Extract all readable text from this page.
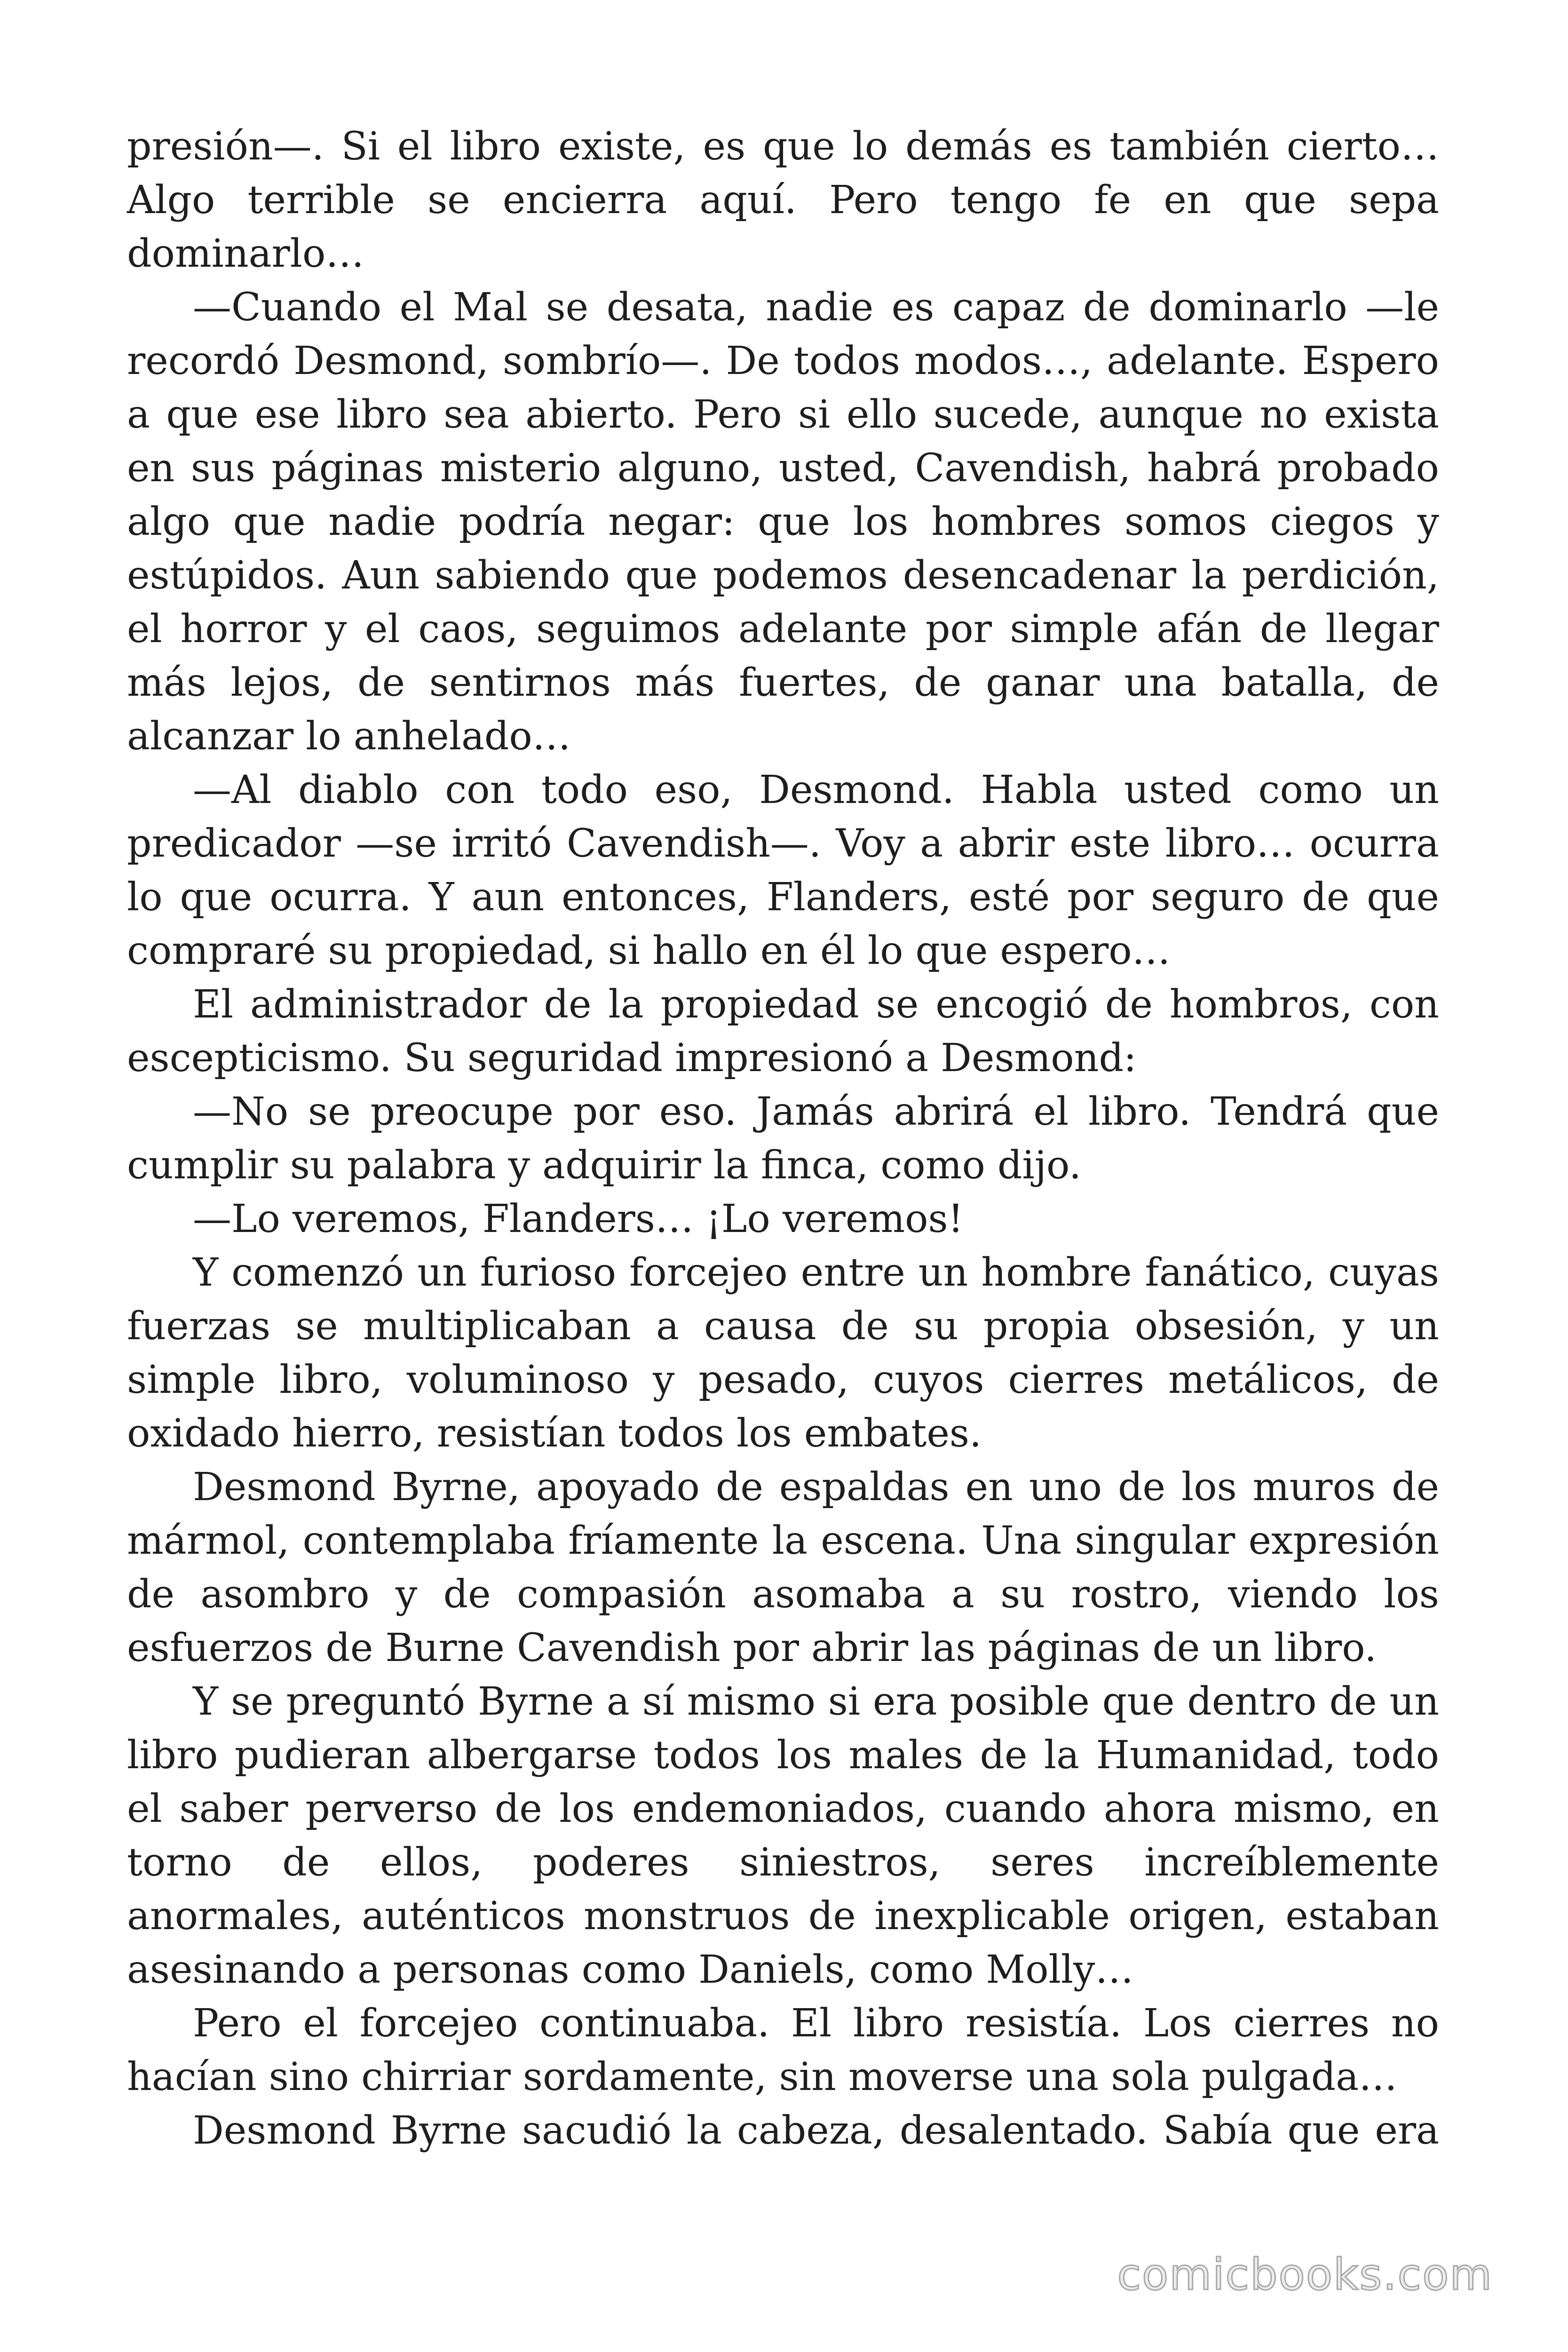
presión—. Si el libro existe, es que lo demás es también cierto… Algo terrible se encierra aquí. Pero tengo fe en que sepa dominarlo…

—Cuando el Mal se desata, nadie es capaz de dominarlo —le recordó Desmond, sombrío—. De todos modos…, adelante. Espero a que ese libro sea abierto. Pero si ello sucede, aunque no exista en sus páginas misterio alguno, usted, Cavendish, habrá probado algo que nadie podría negar: que los hombres somos ciegos y estúpidos. Aun sabiendo que podemos desencadenar la perdición, el horror y el caos, seguimos adelante por simple afán de llegar más lejos, de sentirnos más fuertes, de ganar una batalla, de alcanzar lo anhelado…

—Al diablo con todo eso, Desmond. Habla usted como un predicador —se irritó Cavendish—. Voy a abrir este libro… ocurra lo que ocurra. Y aun entonces, Flanders, esté por seguro de que compraré su propiedad, si hallo en él lo que espero…

El administrador de la propiedad se encogió de hombros, con escepticismo. Su seguridad impresionó a Desmond:

—No se preocupe por eso. Jamás abrirá el libro. Tendrá que cumplir su palabra y adquirir la finca, como dijo.

—Lo veremos, Flanders… ¡Lo veremos!

Y comenzó un furioso forcejeo entre un hombre fanático, cuyas fuerzas se multiplicaban a causa de su propia obsesión, y un simple libro, voluminoso y pesado, cuyos cierres metálicos, de oxidado hierro, resistían todos los embates.

Desmond Byrne, apoyado de espaldas en uno de los muros de mármol, contemplaba fríamente la escena. Una singular expresión de asombro y de compasión asomaba a su rostro, viendo los esfuerzos de Burne Cavendish por abrir las páginas de un libro.

Y se preguntó Byrne a sí mismo si era posible que dentro de un libro pudieran albergarse todos los males de la Humanidad, todo el saber perverso de los endemoniados, cuando ahora mismo, en torno de ellos, poderes siniestros, seres increíblemente anormales, auténticos monstruos de inexplicable origen, estaban asesinando a personas como Daniels, como Molly…

Pero el forcejeo continuaba. El libro resistía. Los cierres no hacían sino chirriar sordamente, sin moverse una sola pulgada…

Desmond Byrne sacudió la cabeza, desalentado. Sabía que era

comicbooks.com
